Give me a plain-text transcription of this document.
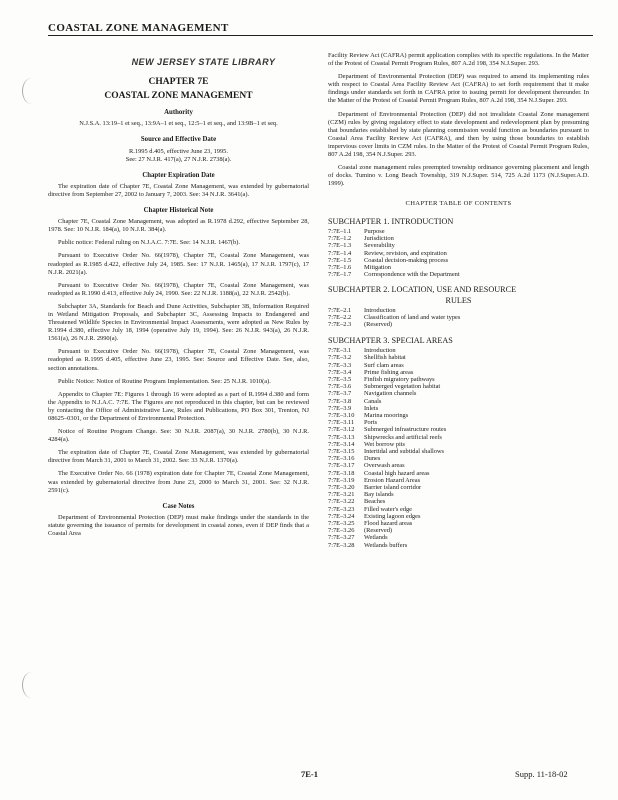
COASTAL ZONE MANAGEMENT
NEW JERSEY STATE LIBRARY
CHAPTER 7E
COASTAL ZONE MANAGEMENT
Authority
N.J.S.A. 13:19–1 et seq., 13:9A–1 et seq., 12:5–1 et seq., and 13:9B–1 et seq.
Source and Effective Date
R.1995 d.405, effective June 23, 1995.
See: 27 N.J.R. 417(a), 27 N.J.R. 2738(a).
Chapter Expiration Date

The expiration date of Chapter 7E, Coastal Zone Management, was extended by gubernatorial directive from September 27, 2002 to January 7, 2003. See: 34 N.J.R. 3641(a).

Chapter Historical Note

Chapter 7E, Coastal Zone Management, was adopted as R.1978 d.292, effective September 28, 1978. See: 10 N.J.R. 184(a), 10 N.J.R. 384(a).

Public notice: Federal ruling on N.J.A.C. 7:7E. See: 14 N.J.R. 1467(b).

Pursuant to Executive Order No. 66(1978), Chapter 7E, Coastal Zone Management, was readopted as R.1985 d.422, effective July 24, 1985. See: 17 N.J.R. 1465(a), 17 N.J.R. 1797(c), 17 N.J.R. 2021(a).

Pursuant to Executive Order No. 66(1978), Chapter 7E, Coastal Zone Management, was readopted as R.1990 d.413, effective July 24, 1990. See: 22 N.J.R. 1188(a), 22 N.J.R. 2542(b).

Subchapter 3A, Standards for Beach and Dune Activities, Subchapter 3B, Information Required in Wetland Mitigation Proposals, and Subchapter 3C, Assessing Impacts to Endangered and Threatened Wildlife Species in Environmental Impact Assessments, were adopted as New Rules by R.1994 d.380, effective July 18, 1994 (operative July 19, 1994). See: 26 N.J.R. 943(a), 26 N.J.R. 1561(a), 26 N.J.R. 2990(a).

Pursuant to Executive Order No. 66(1978), Chapter 7E, Coastal Zone Management, was readopted as R.1995 d.405, effective June 23, 1995. See: Source and Effective Date. See, also, section annotations.

Public Notice: Notice of Routine Program Implementation. See: 25 N.J.R. 1010(a).

Appendix to Chapter 7E: Figures 1 through 16 were adopted as a part of R.1994 d.380 and form the Appendix to N.J.A.C. 7:7E. The Figures are not reproduced in this chapter, but can be reviewed by contacting the Office of Administrative Law, Rules and Publications, PO Box 301, Trenton, NJ 08625–0301, or the Department of Environmental Protection.

Notice of Routine Program Change. See: 30 N.J.R. 2087(a), 30 N.J.R. 2780(b), 30 N.J.R. 4284(a).

The expiration date of Chapter 7E, Coastal Zone Management, was extended by gubernatorial directive from March 31, 2001 to March 31, 2002. See: 33 N.J.R. 1370(a).

The Executive Order No. 66 (1978) expiration date for Chapter 7E, Coastal Zone Management, was extended by gubernatorial directive from June 23, 2000 to March 31, 2001. See: 32 N.J.R. 2591(c).

Case Notes

Department of Environmental Protection (DEP) must make findings under the standards in the statute governing the issuance of permits for development in coastal zones, even if DEP finds that a Coastal Area

Facility Review Act (CAFRA) permit application complies with its specific regulations. In the Matter of the Protest of Coastal Permit Program Rules, 807 A.2d 198, 354 N.J.Super. 293.

Department of Environmental Protection (DEP) was required to amend its implementing rules with respect to Coastal Area Facility Review Act (CAFRA) to set forth requirement that it make findings under standards set forth in CAFRA prior to issuing permit for development thereunder. In the Matter of the Protest of Coastal Permit Program Rules, 807 A.2d 198, 354 N.J.Super. 293.

Department of Environmental Protection (DEP) did not invalidate Coastal Zone management (CZM) rules by giving regulatory effect to state development and redevelopment plan by presuming that boundaries established by state planning commission would function as boundaries pursuant to Coastal Area Facility Review Act (CAFRA), and then by using those boundaries to establish impervious cover limits in CZM rules. In the Matter of the Protest of Coastal Permit Program Rules, 807 A.2d 198, 354 N.J.Super. 293.

Coastal zone management rules preempted township ordinance governing placement and length of docks. Tumino v. Long Beach Township, 319 N.J.Super. 514, 725 A.2d 1173 (N.J.Super.A.D. 1999).

CHAPTER TABLE OF CONTENTS
SUBCHAPTER 1. INTRODUCTION
7:7E–1.1	Purpose
7:7E–1.2	Jurisdiction
7:7E–1.3	Severability
7:7E–1.4	Review, revision, and expiration
7:7E–1.5	Coastal decision-making process
7:7E–1.6	Mitigation
7:7E–1.7	Correspondence with the Department
SUBCHAPTER 2. LOCATION, USE AND RESOURCE
RULES
7:7E–2.1	Introduction
7:7E–2.2	Classification of land and water types
7:7E–2.3	(Reserved)
SUBCHAPTER 3. SPECIAL AREAS
7:7E–3.1	Introduction
7:7E–3.2	Shellfish habitat
7:7E–3.3	Surf clam areas
7:7E–3.4	Prime fishing areas
7:7E–3.5	Finfish migratory pathways
7:7E–3.6	Submerged vegetation habitat
7:7E–3.7	Navigation channels
7:7E–3.8	Canals
7:7E–3.9	Inlets
7:7E–3.10	Marina moorings
7:7E–3.11	Ports
7:7E–3.12	Submerged infrastructure routes
7:7E–3.13	Shipwrecks and artificial reefs
7:7E–3.14	Wet borrow pits
7:7E–3.15	Intertidal and subtidal shallows
7:7E–3.16	Dunes
7:7E–3.17	Overwash areas
7:7E–3.18	Coastal high hazard areas
7:7E–3.19	Erosion Hazard Areas
7:7E–3.20	Barrier island corridor
7:7E–3.21	Bay islands
7:7E–3.22	Beaches
7:7E–3.23	Filled water's edge
7:7E–3.24	Existing lagoon edges
7:7E–3.25	Flood hazard areas
7:7E–3.26	(Reserved)
7:7E–3.27	Wetlands
7:7E–3.28	Wetlands buffers
7E-1	Supp. 11-18-02
